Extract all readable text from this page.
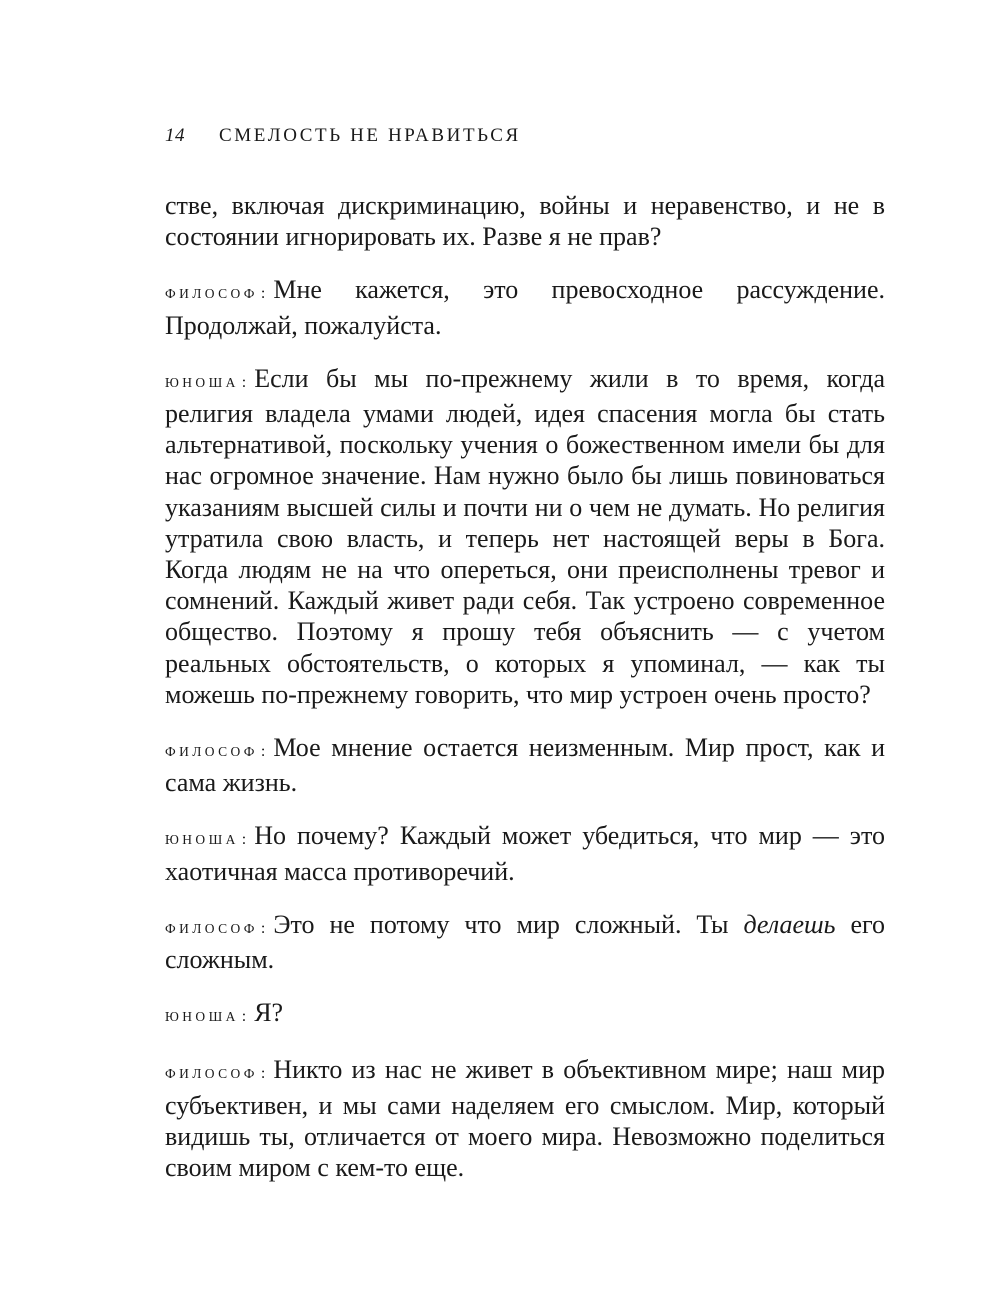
14 СМЕЛОСТЬ НЕ НРАВИТЬСЯ

стве, включая дискриминацию, войны и неравенство, и не в состоянии игнорировать их. Разве я не прав?

ФИЛОСОФ : Мне кажется, это превосходное рассуждение. Продолжай, пожалуйста.

ЮНОША : Если бы мы по-прежнему жили в то время, когда религия владела умами людей, идея спасения могла бы стать альтернативой, поскольку учения о божественном имели бы для нас огромное значение. Нам нужно было бы лишь повиноваться указаниям высшей силы и почти ни о чем не думать. Но религия утратила свою власть, и теперь нет настоящей веры в Бога. Когда людям не на что опереться, они преисполнены тревог и сомнений. Каждый живет ради себя. Так устроено современное общество. Поэтому я прошу тебя объяснить — с учетом реальных обстоятельств, о которых я упоминал, — как ты можешь по-прежнему говорить, что мир устроен очень просто?

ФИЛОСОФ : Мое мнение остается неизменным. Мир прост, как и сама жизнь.

ЮНОША : Но почему? Каждый может убедиться, что мир — это хаотичная масса противоречий.

ФИЛОСОФ : Это не потому что мир сложный. Ты делаешь его сложным.

ЮНОША : Я?

ФИЛОСОФ : Никто из нас не живет в объективном мире; наш мир субъективен, и мы сами наделяем его смыслом. Мир, который видишь ты, отличается от моего мира. Невозможно поделиться своим миром с кем-то еще.
